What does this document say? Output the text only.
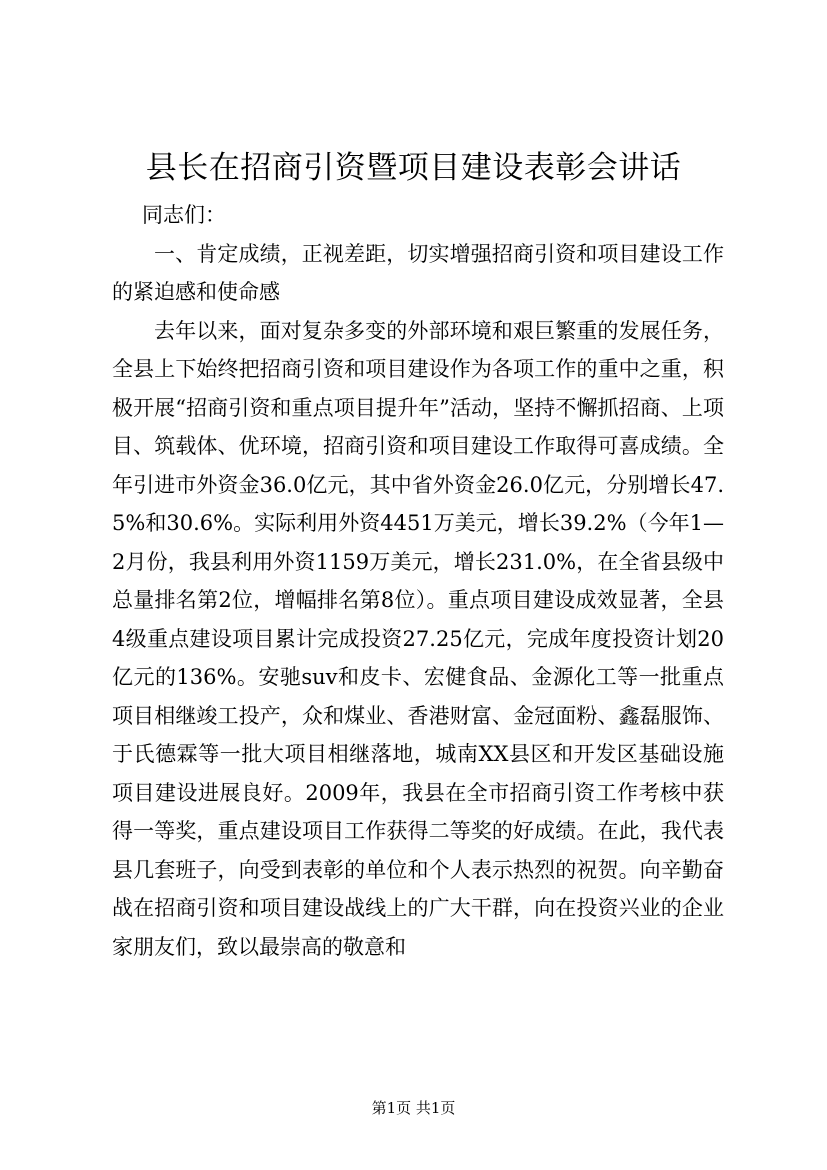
县长在招商引资暨项目建设表彰会讲话

同志们：

一、肯定成绩，正视差距，切实增强招商引资和项目建设工作的紧迫感和使命感

去年以来，面对复杂多变的外部环境和艰巨繁重的发展任务，全县上下始终把招商引资和项目建设作为各项工作的重中之重，积极开展“招商引资和重点项目提升年”活动，坚持不懈抓招商、上项目、筑载体、优环境，招商引资和项目建设工作取得可喜成绩。全年引进市外资金36.0亿元，其中省外资金26.0亿元，分别增长47.5%和30.6%。实际利用外资4451万美元，增长39.2%（今年1—2月份，我县利用外资1159万美元，增长231.0%，在全省县级中总量排名第2位，增幅排名第8位）。重点项目建设成效显著，全县4级重点建设项目累计完成投资27.25亿元，完成年度投资计划20亿元的136%。安驰suv和皮卡、宏健食品、金源化工等一批重点项目相继竣工投产，众和煤业、香港财富、金冠面粉、鑫磊服饰、于氏德霖等一批大项目相继落地，城南XX县区和开发区基础设施项目建设进展良好。2009年，我县在全市招商引资工作考核中获得一等奖，重点建设项目工作获得二等奖的好成绩。在此，我代表县几套班子，向受到表彰的单位和个人表示热烈的祝贺。向辛勤奋战在招商引资和项目建设战线上的广大干群，向在投资兴业的企业家朋友们，致以最崇高的敬意和

第1页 共1页
